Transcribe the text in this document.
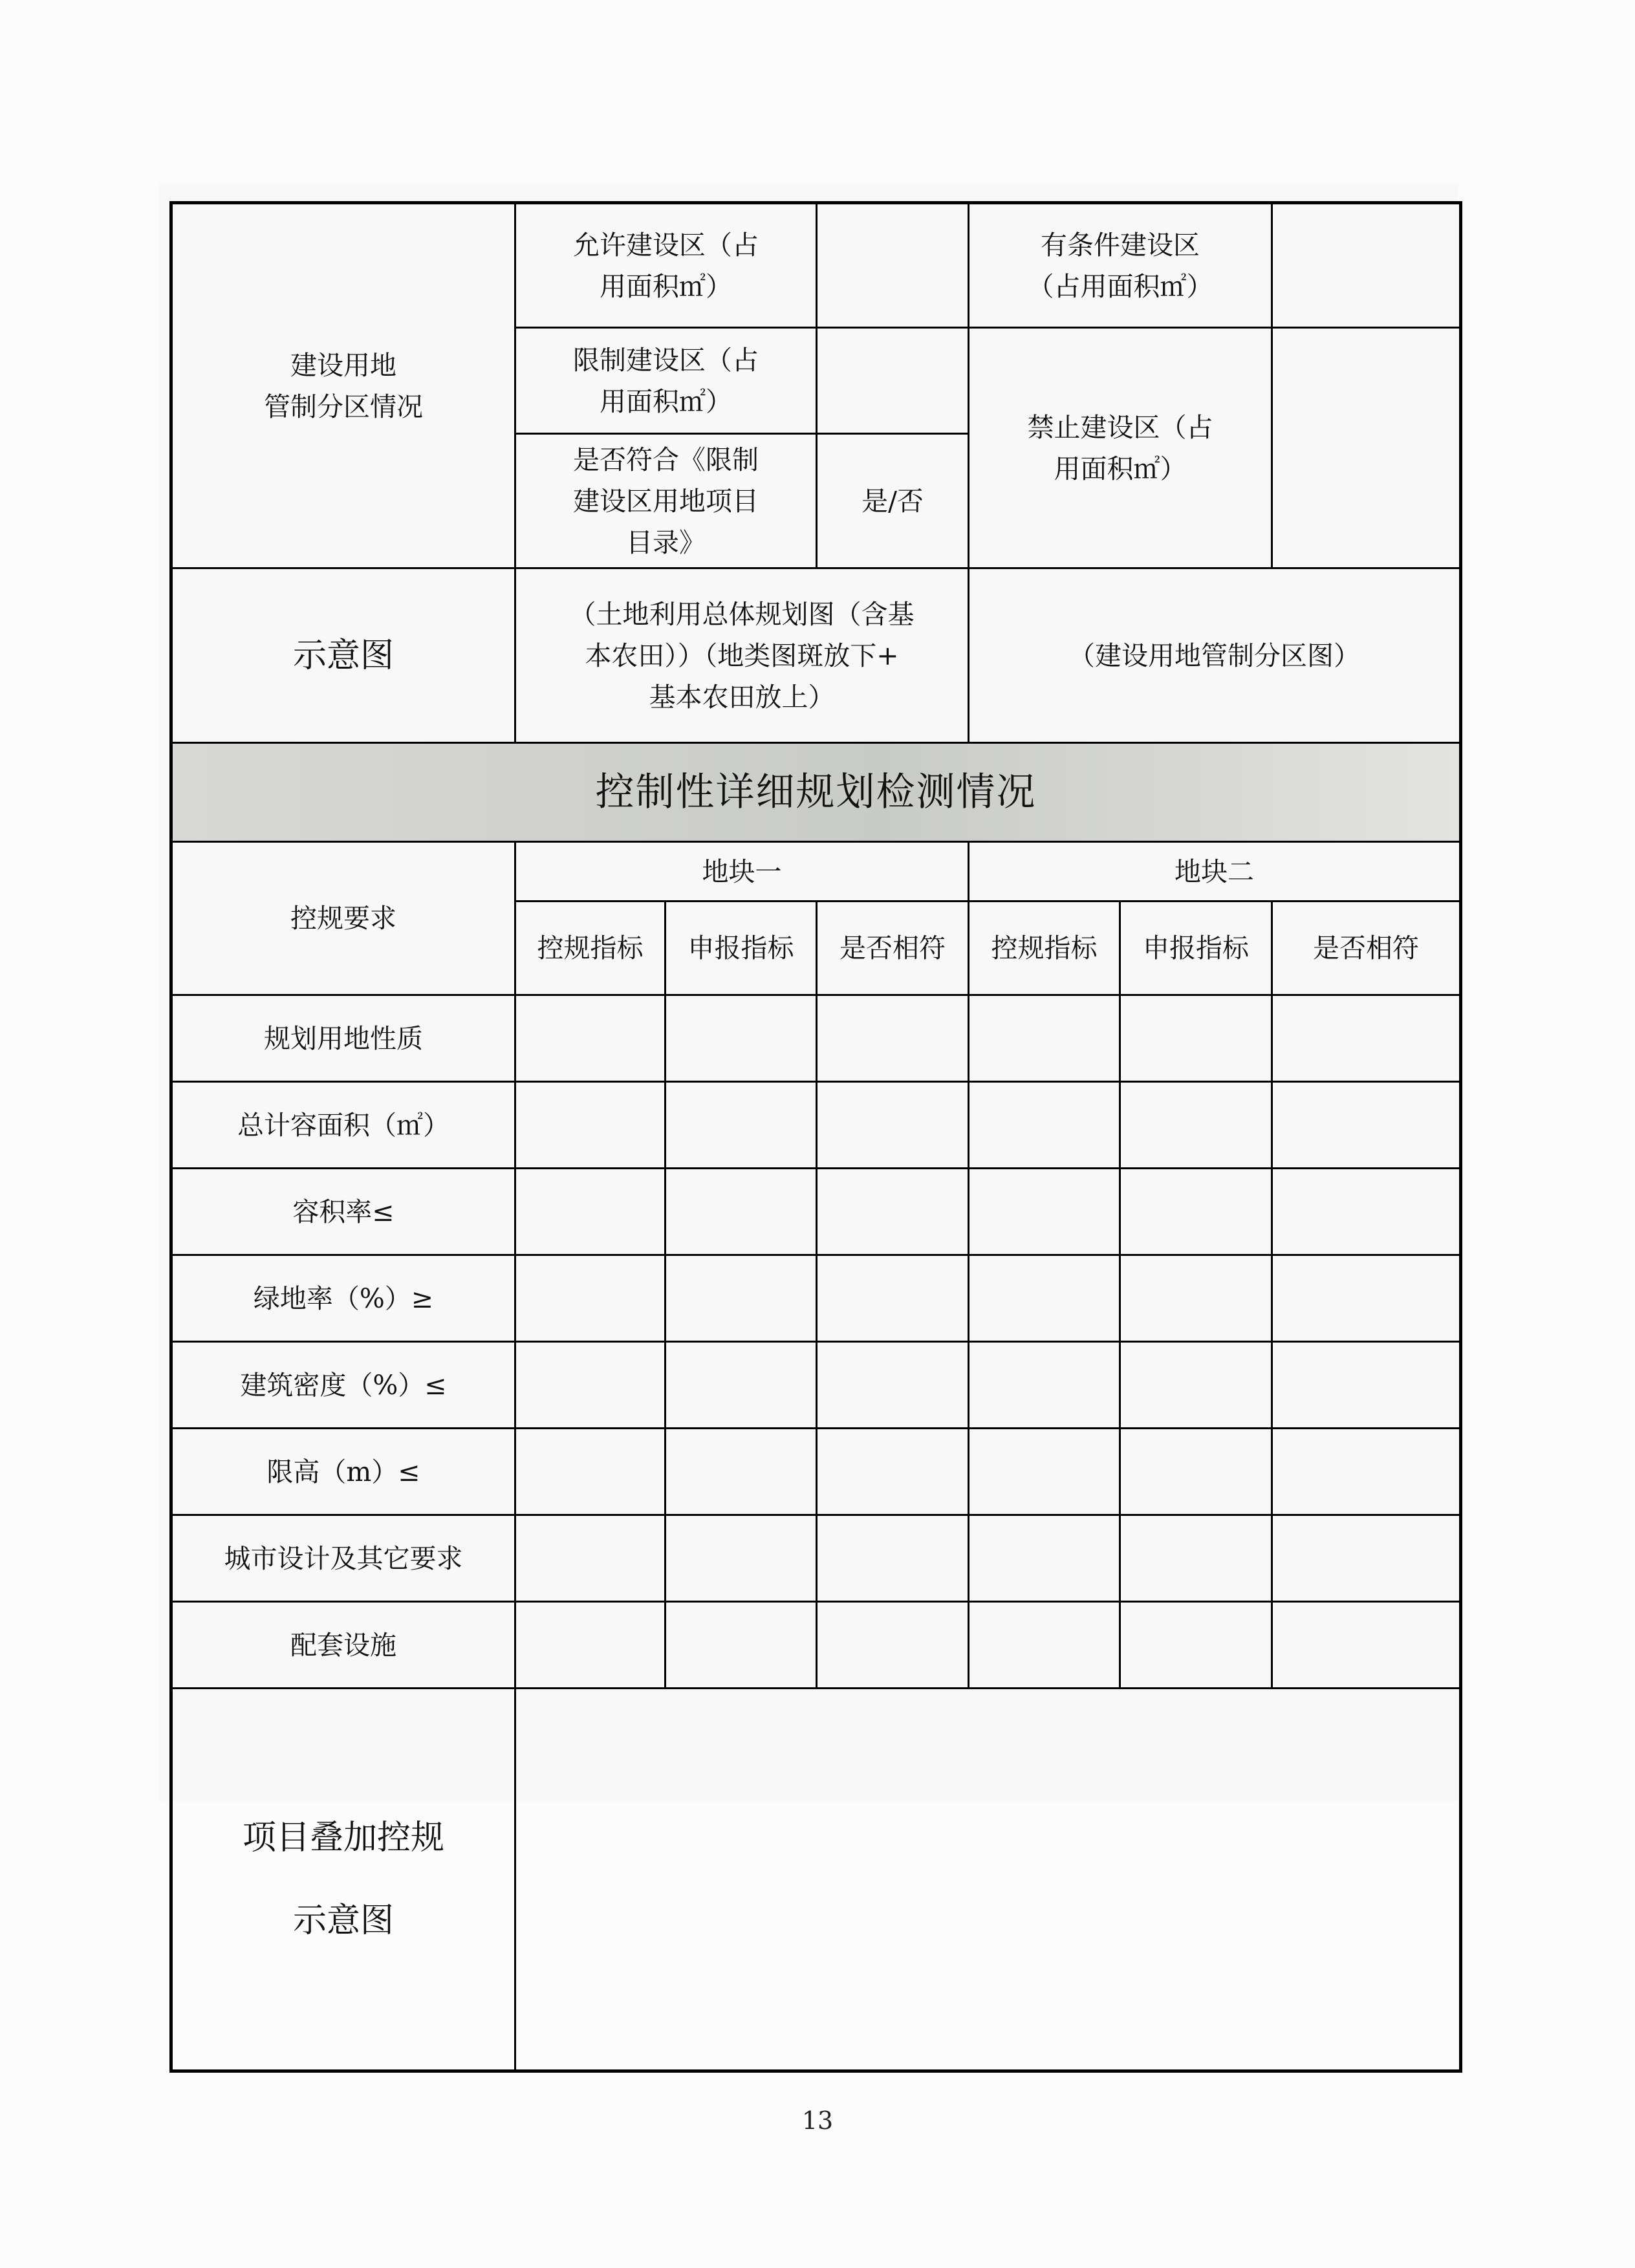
建设用地
管制分区情况	允许建设区（占
用面积㎡）			有条件建设区
（占用面积㎡）		
	限制建设区（占
用面积㎡）			禁止建设区（占
用面积㎡）		
	是否符合《限制
建设区用地项目
目录》		是/否			
示意图	（土地利用总体规划图（含基
本农田））（地类图斑放下+
基本农田放上）			（建设用地管制分区图）		
控制性详细规划检测情况						
控规要求	地块一			地块二		
	控规指标	申报指标	是否相符	控规指标	申报指标	是否相符
规划用地性质						
总计容面积（㎡）						
容积率≤						
绿地率（%）≥						
建筑密度（%）≤						
限高（m）≤						
城市设计及其它要求						
配套设施						
项目叠加控规

示意图						
13
